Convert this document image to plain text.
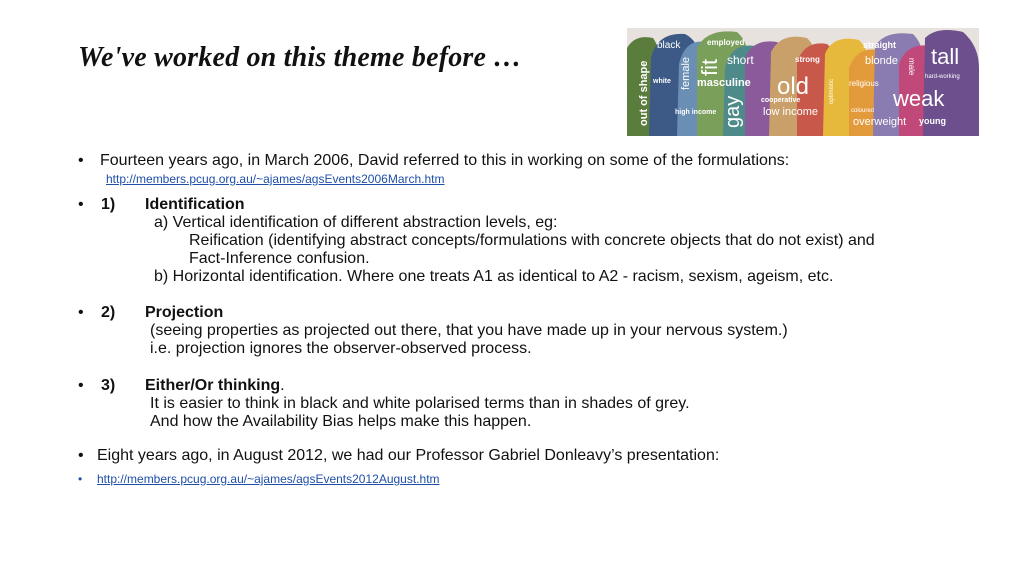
We've worked on this theme before …	black	employed
fit
female
white
out of shape
short
masculine
gay
high income
strong
old
cooperative
low income
optimistic
straight
blonde tall
male
religious
weak
hard-working
coloured
overweight young
•	Fourteen years ago, in March 2006, David referred to this in working on some of the formulations:
http://members.pcug.org.au/~ajames/agsEvents2006March.htm
•	1) Identification
a) Vertical identification of different abstraction levels, eg:
Reification (identifying abstract concepts/formulations with concrete objects that do not exist) and
Fact-Inference confusion.
b) Horizontal identification. Where one treats A1 as identical to A2 - racism, sexism, ageism, etc.
•	2) Projection
(seeing properties as projected out there, that you have made up in your nervous system.)
i.e. projection ignores the observer-observed process.
•	3) Either/Or thinking.
It is easier to think in black and white polarised terms than in shades of grey.
And how the Availability Bias helps make this happen.
• Eight years ago, in August 2012, we had our Professor Gabriel Donleavy’s presentation:
•	http://members.pcug.org.au/~ajames/agsEvents2012August.htm
